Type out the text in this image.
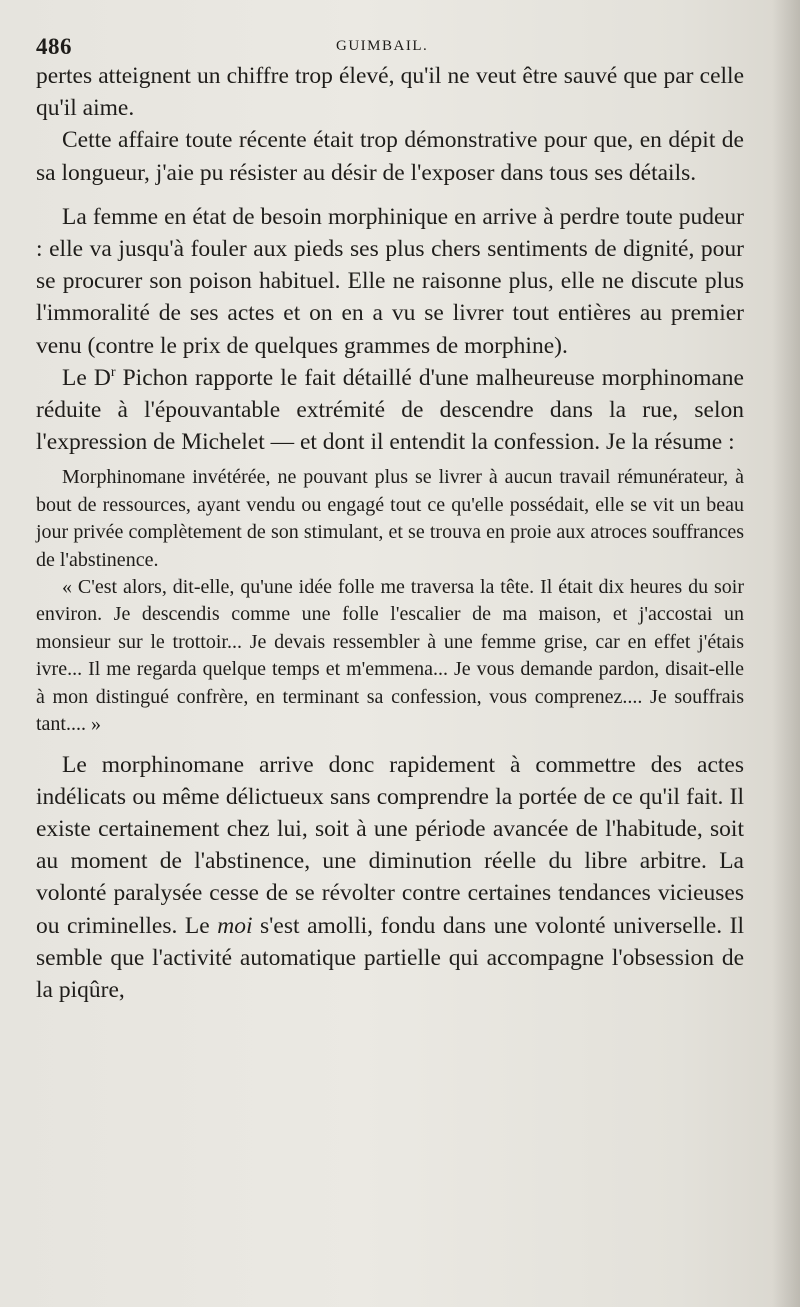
486	GUIMBAIL.

pertes atteignent un chiffre trop élevé, qu'il ne veut être sauvé que par celle qu'il aime.

Cette affaire toute récente était trop démonstrative pour que, en dépit de sa longueur, j'aie pu résister au désir de l'exposer dans tous ses détails.

La femme en état de besoin morphinique en arrive à perdre toute pudeur : elle va jusqu'à fouler aux pieds ses plus chers sentiments de dignité, pour se procurer son poison habituel. Elle ne raisonne plus, elle ne discute plus l'immoralité de ses actes et on en a vu se livrer tout entières au premier venu (contre le prix de quelques grammes de morphine).

Le $D^r$ Pichon rapporte le fait détaillé d'une malheureuse morphinomane réduite à l'épouvantable extrémité de descendre dans la rue, selon l'expression de Michelet — et dont il entendit la confession. Je la résume :

Morphinomane invétérée, ne pouvant plus se livrer à aucun travail rémunérateur, à bout de ressources, ayant vendu ou engagé tout ce qu'elle possédait, elle se vit un beau jour privée complètement de son stimulant, et se trouva en proie aux atroces souffrances de l'abstinence.

« C'est alors, dit-elle, qu'une idée folle me traversa la tête. Il était dix heures du soir environ. Je descendis comme une folle l'escalier de ma maison, et j'accostai un monsieur sur le trottoir... Je devais ressembler à une femme grise, car en effet j'étais ivre... Il me regarda quelque temps et m'emmena... Je vous demande pardon, disait-elle à mon distingué confrère, en terminant sa confession, vous comprenez.... Je souffrais tant.... »

Le morphinomane arrive donc rapidement à commettre des actes indélicats ou même délictueux sans comprendre la portée de ce qu'il fait. Il existe certainement chez lui, soit à une période avancée de l'habitude, soit au moment de l'abstinence, une diminution réelle du libre arbitre. La volonté paralysée cesse de se révolter contre certaines tendances vicieuses ou criminelles. Le moi s'est amolli, fondu dans une volonté universelle. Il semble que l'activité automatique partielle qui accompagne l'obsession de la piqûre,
